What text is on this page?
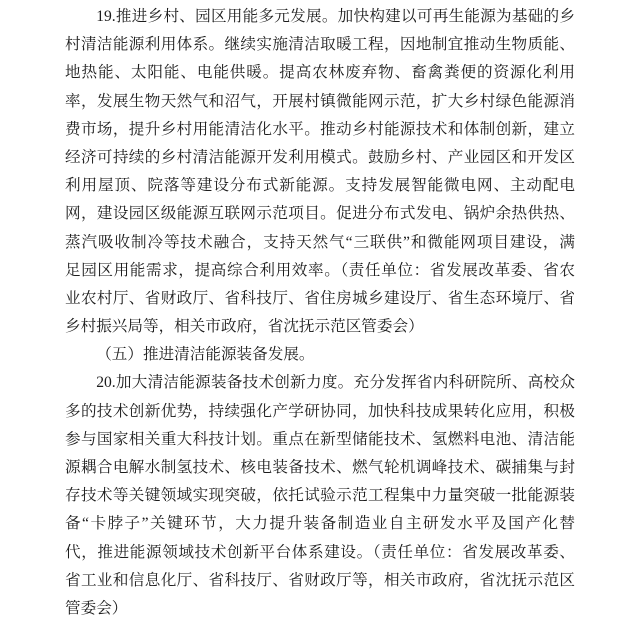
19.推进乡村、园区用能多元发展。加快构建以可再生能源为基础的乡
村清洁能源利用体系。继续实施清洁取暖工程，因地制宜推动生物质能、
地热能、太阳能、电能供暖。提高农林废弃物、畜禽粪便的资源化利用
率，发展生物天然气和沼气，开展村镇微能网示范，扩大乡村绿色能源消
费市场，提升乡村用能清洁化水平。推动乡村能源技术和体制创新，建立
经济可持续的乡村清洁能源开发利用模式。鼓励乡村、产业园区和开发区
利用屋顶、院落等建设分布式新能源。支持发展智能微电网、主动配电
网，建设园区级能源互联网示范项目。促进分布式发电、锅炉余热供热、
蒸汽吸收制冷等技术融合，支持天然气“三联供”和微能网项目建设，满
足园区用能需求，提高综合利用效率。（责任单位：省发展改革委、省农
业农村厅、省财政厅、省科技厅、省住房城乡建设厅、省生态环境厅、省
乡村振兴局等，相关市政府，省沈抚示范区管委会）
（五）推进清洁能源装备发展。
20.加大清洁能源装备技术创新力度。充分发挥省内科研院所、高校众
多的技术创新优势，持续强化产学研协同，加快科技成果转化应用，积极
参与国家相关重大科技计划。重点在新型储能技术、氢燃料电池、清洁能
源耦合电解水制氢技术、核电装备技术、燃气轮机调峰技术、碳捕集与封
存技术等关键领域实现突破，依托试验示范工程集中力量突破一批能源装
备“卡脖子”关键环节，大力提升装备制造业自主研发水平及国产化替
代，推进能源领域技术创新平台体系建设。（责任单位：省发展改革委、
省工业和信息化厅、省科技厅、省财政厅等，相关市政府，省沈抚示范区
管委会）
